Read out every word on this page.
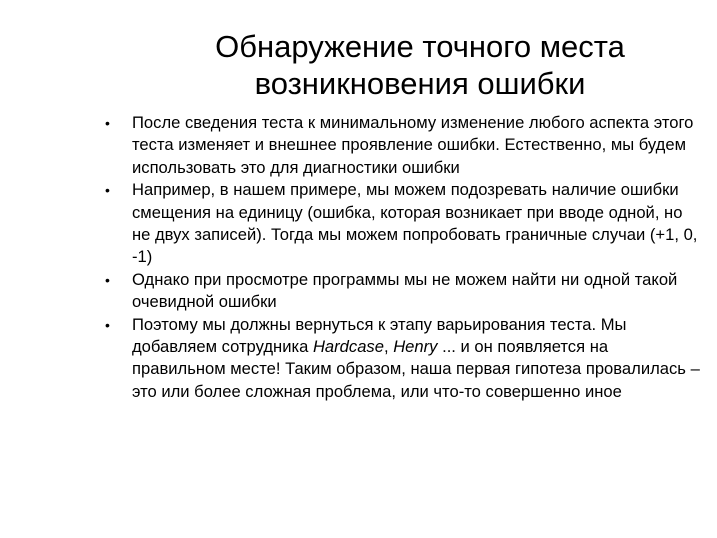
Обнаружение точного места
возникновения ошибки
•	После сведения теста к минимальному изменение любого аспекта этого теста изменяет и внешнее проявление ошибки. Естественно, мы будем использовать это для диагностики ошибки
•	Например, в нашем примере, мы можем подозревать наличие ошибки смещения на единицу (ошибка, которая возникает при вводе одной, но не двух записей). Тогда мы можем попробовать граничные случаи (+1, 0, -1)
•	Однако при просмотре программы мы не можем найти ни одной такой очевидной ошибки
•	Поэтому мы должны вернуться к этапу варьирования теста. Мы добавляем сотрудника Hardcase, Henry ... и он появляется на правильном месте! Таким образом, наша первая гипотеза провалилась – это или более сложная проблема, или что-то совершенно иное
